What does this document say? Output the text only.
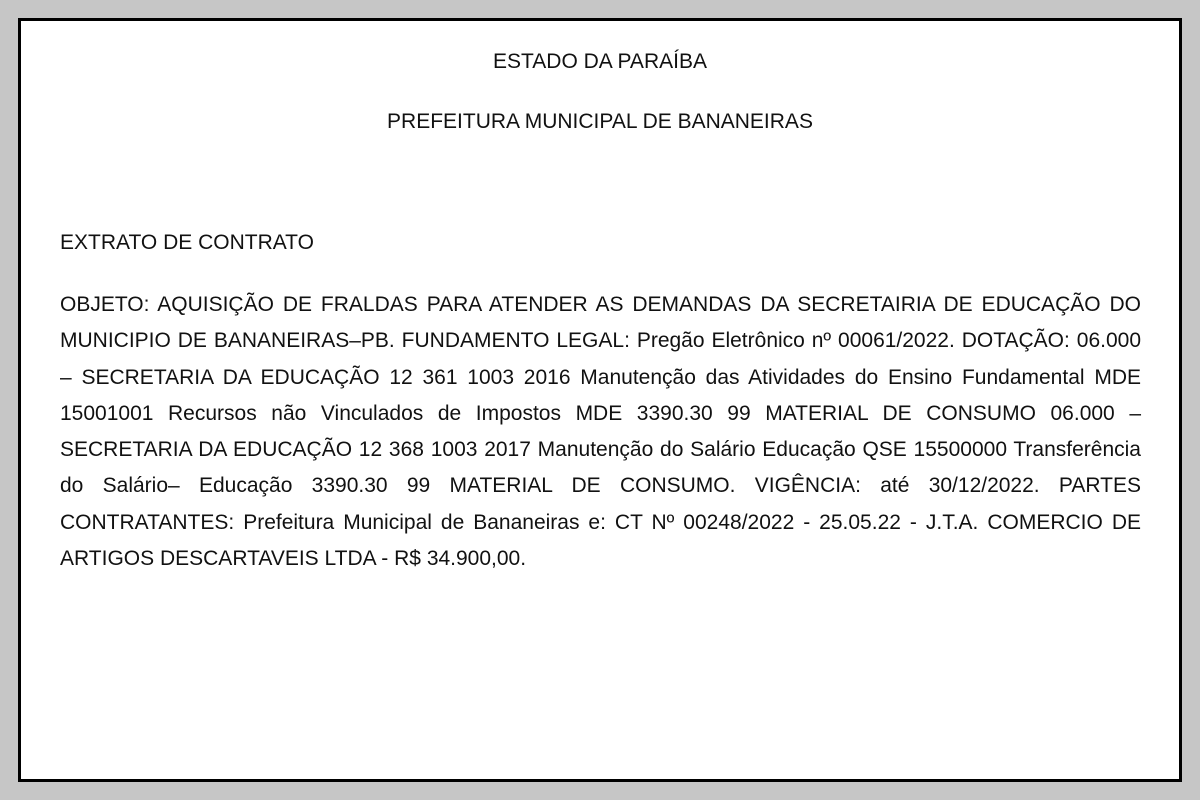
ESTADO DA PARAÍBA
PREFEITURA MUNICIPAL DE BANANEIRAS
EXTRATO DE CONTRATO

OBJETO: AQUISIÇÃO DE FRALDAS PARA ATENDER AS DEMANDAS DA SECRETAIRIA DE EDUCAÇÃO DO MUNICIPIO DE BANANEIRAS–PB. FUNDAMENTO LEGAL: Pregão Eletrônico nº 00061/2022. DOTAÇÃO: 06.000 – SECRETARIA DA EDUCAÇÃO 12 361 1003 2016 Manutenção das Atividades do Ensino Fundamental MDE 15001001 Recursos não Vinculados de Impostos MDE 3390.30 99 MATERIAL DE CONSUMO 06.000 – SECRETARIA DA EDUCAÇÃO 12 368 1003 2017 Manutenção do Salário Educação QSE 15500000 Transferência do Salário– Educação 3390.30 99 MATERIAL DE CONSUMO. VIGÊNCIA: até 30/12/2022. PARTES CONTRATANTES: Prefeitura Municipal de Bananeiras e: CT Nº 00248/2022 - 25.05.22 - J.T.A. COMERCIO DE ARTIGOS DESCARTAVEIS LTDA - R$ 34.900,00.
